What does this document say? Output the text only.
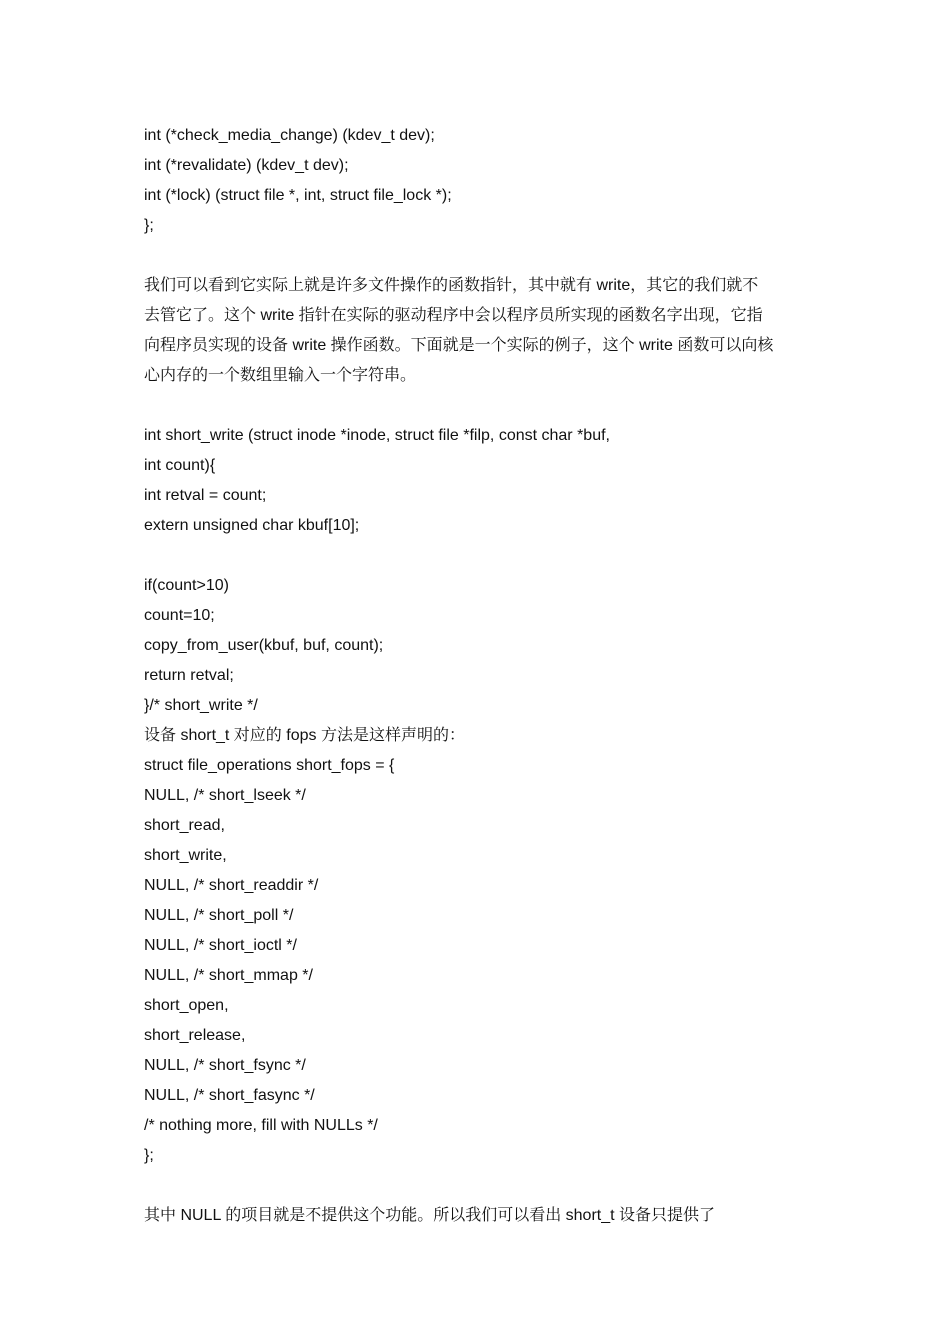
int (*check_media_change) (kdev_t dev);
int (*revalidate) (kdev_t dev);
int (*lock) (struct file *, int, struct file_lock *);
};
我们可以看到它实际上就是许多文件操作的函数指针，其中就有 write，其它的我们就不
去管它了。这个 write 指针在实际的驱动程序中会以程序员所实现的函数名字出现，它指
向程序员实现的设备 write 操作函数。下面就是一个实际的例子，这个 write 函数可以向核
心内存的一个数组里输入一个字符串。
int short_write (struct inode *inode, struct file *filp, const char *buf,
int count){
int retval = count;
extern unsigned char kbuf[10];
if(count>10)
count=10;
copy_from_user(kbuf, buf, count);
return retval;
}/* short_write */
设备 short_t 对应的 fops 方法是这样声明的：
struct file_operations short_fops = {
NULL, /* short_lseek */
short_read,
short_write,
NULL, /* short_readdir */
NULL, /* short_poll */
NULL, /* short_ioctl */
NULL, /* short_mmap */
short_open,
short_release,
NULL, /* short_fsync */
NULL, /* short_fasync */
/* nothing more, fill with NULLs */
};
其中 NULL 的项目就是不提供这个功能。所以我们可以看出 short_t 设备只提供了
